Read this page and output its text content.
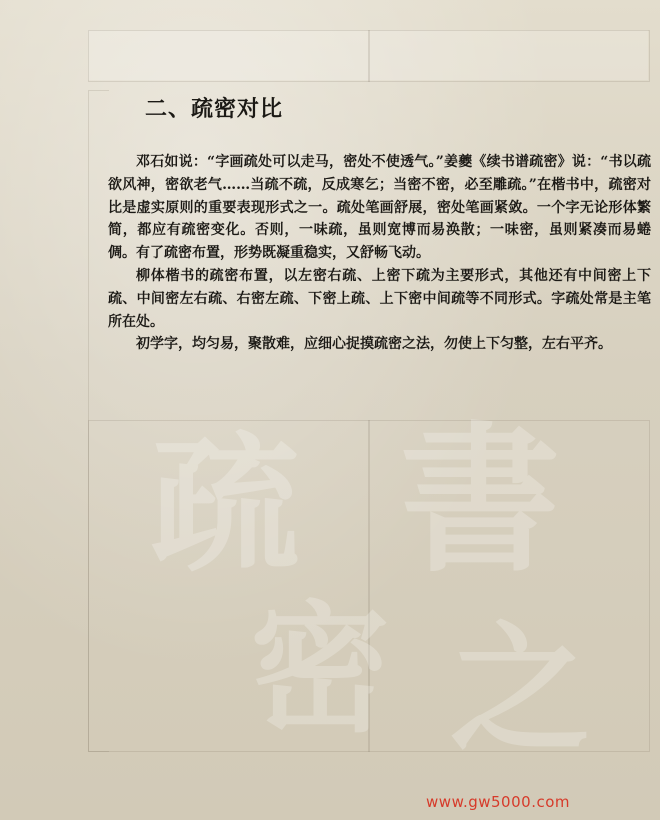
疏 書
密 之
二、疏密对比

邓石如说：“字画疏处可以走马，密处不使透气。”姜夔《续书谱疏密》说：“书以疏欲风神，密欲老气……当疏不疏，反成寒乞；当密不密，必至雕疏。”在楷书中，疏密对比是虚实原则的重要表现形式之一。疏处笔画舒展，密处笔画紧敛。一个字无论形体繁简，都应有疏密变化。否则，一味疏，虽则宽博而易涣散；一味密，虽则紧凑而易蜷倜。有了疏密布置，形势既凝重稳实，又舒畅飞动。

柳体楷书的疏密布置，以左密右疏、上密下疏为主要形式，其他还有中间密上下疏、中间密左右疏、右密左疏、下密上疏、上下密中间疏等不同形式。字疏处常是主笔所在处。

初学字，均匀易，聚散难，应细心捉摸疏密之法，勿使上下匀整，左右平齐。

www.gw5000.com
